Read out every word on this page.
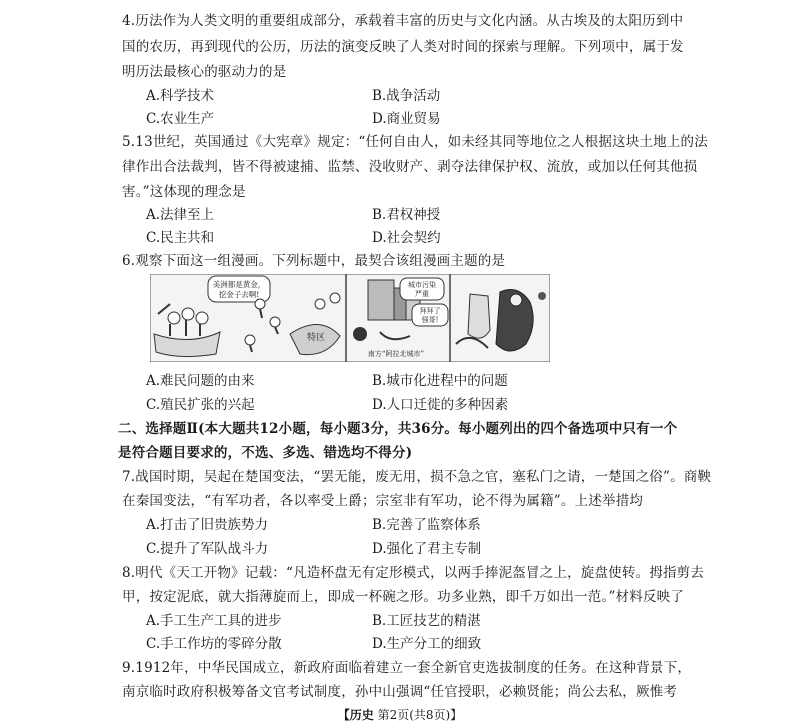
4.历法作为人类文明的重要组成部分，承载着丰富的历史与文化内涵。从古埃及的太阳历到中
国的农历，再到现代的公历，历法的演变反映了人类对时间的探索与理解。下列项中，属于发
明历法最核心的驱动力的是
A.科学技术	B.战争活动
C.农业生产	D.商业贸易
5.13世纪，英国通过《大宪章》规定：“任何自由人，如未经其同等地位之人根据这块土地上的法
律作出合法裁判，皆不得被逮捕、监禁、没收财产、剥夺法律保护权、流放，或加以任何其他损
害。”这体现的理念是
A.法律至上	B.君权神授
C.民主共和	D.社会契约
6.观察下面这一组漫画。下列标题中，最契合该组漫画主题的是
美洲都是黄金，
挖金子去啊!
特区
城市污染
严重
拜拜了
强哥!
南方“阿拉北城市”
A.难民问题的由来	B.城市化进程中的问题
C.殖民扩张的兴起	D.人口迁徙的多种因素
二、选择题Ⅱ(本大题共12小题，每小题3分，共36分。每小题列出的四个备选项中只有一个
是符合题目要求的，不选、多选、错选均不得分)
7.战国时期，吴起在楚国变法，“罢无能，废无用，损不急之官，塞私门之请，一楚国之俗”。商鞅
在秦国变法，“有军功者，各以率受上爵；宗室非有军功，论不得为属籍”。上述举措均
A.打击了旧贵族势力	B.完善了监察体系
C.提升了军队战斗力	D.强化了君主专制
8.明代《天工开物》记载：“凡造杯盘无有定形模式，以两手捧泥盔冒之上，旋盘使转。拇指剪去
甲，按定泥底，就大指薄旋而上，即成一杯碗之形。功多业熟，即千万如出一范。”材料反映了
A.手工生产工具的进步	B.工匠技艺的精湛
C.手工作坊的零碎分散	D.生产分工的细致
9.1912年，中华民国成立，新政府面临着建立一套全新官吏选拔制度的任务。在这种背景下，
南京临时政府积极筹备文官考试制度，孙中山强调“任官授职，必赖贤能；尚公去私，厥惟考
【历史 第2页(共8页)】
